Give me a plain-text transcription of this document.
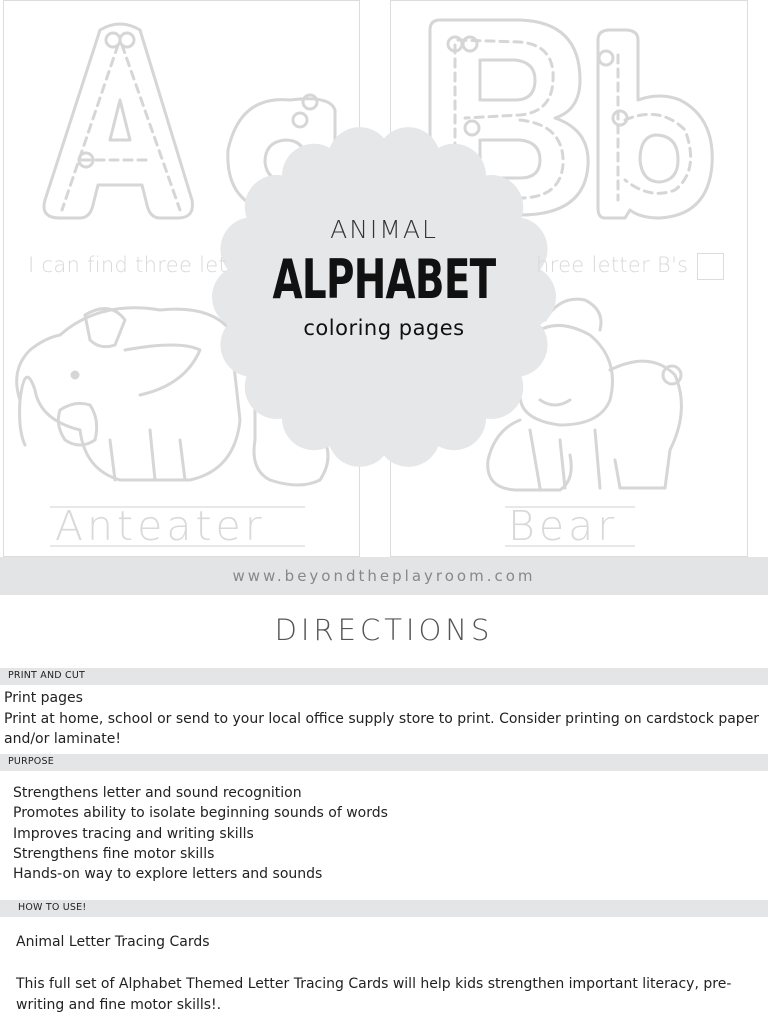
I can find three let	hree letter B's
Anteater	Bear
ANIMAL
ALPHABET
coloring pages
www.beyondtheplayroom.com
DIRECTIONS
PRINT AND CUT
Print pages
Print at home, school or send to your local office supply store to print. Consider printing on cardstock paper
and/or laminate!
PURPOSE
Strengthens letter and sound recognition
Promotes ability to isolate beginning sounds of words
Improves tracing and writing skills
Strengthens fine motor skills
Hands-on way to explore letters and sounds
HOW TO USE!
Animal Letter Tracing Cards
This full set of Alphabet Themed Letter Tracing Cards will help kids strengthen important literacy, pre-
writing and fine motor skills!.
